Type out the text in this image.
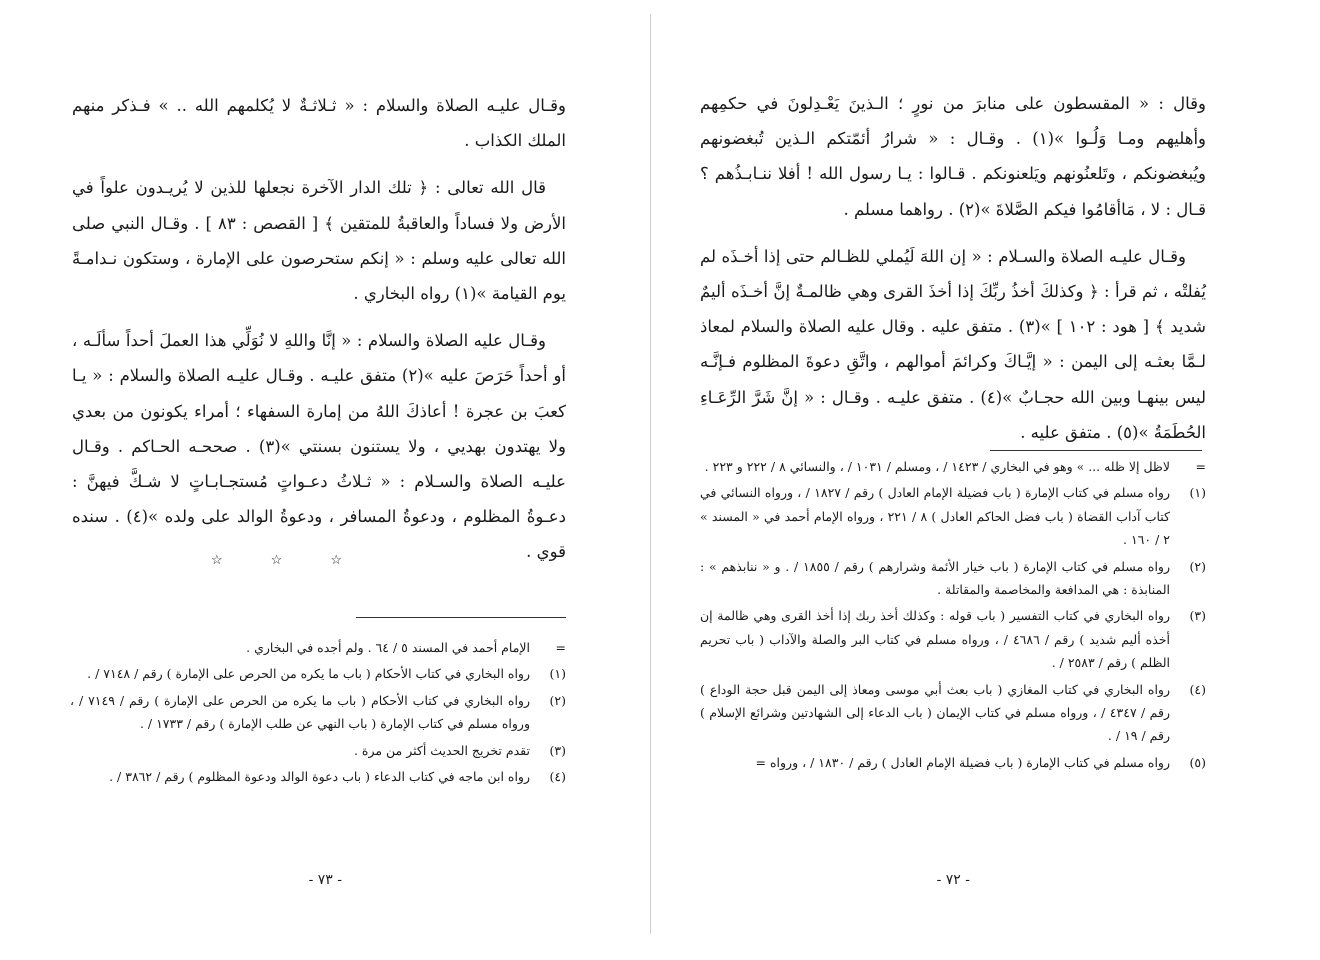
وقـال عليـه الصلاة والسلام : « ثـلاثـةٌ لا يُكلمهم الله .. » فـذكر منهم الملك الكذاب .

قال الله تعالى : ﴿ تلك الدار الآخرة نجعلها للذين لا يُريـدون علواً في الأرض ولا فساداً والعاقبةُ للمتقين ﴾ [ القصص : ٨٣ ] . وقـال النبي صلى الله تعالى عليه وسلم : « إنكم ستحرصون على الإمارة ، وستكون نـدامـةً يوم القيامة »(١) رواه البخاري .

وقـال عليه الصلاة والسلام : « إنَّا واللهِ لا نُوَلِّي هذا العملَ أحداً سألَـه ، أو أحداً حَرَصَ عليه »(٢) متفق عليـه . وقـال عليـه الصلاة والسلام : « يـا كعبَ بن عجرة ! أعاذكَ اللهُ من إمارة السفهاء ؛ أمراء يكونون من بعدي ولا يهتدون بهديي ، ولا يستنون بسنتي »(٣) . صححـه الحـاكم . وقـال عليـه الصلاة والسـلام : « ثـلاثُ دعـواتٍ مُستجـابـاتٍ لا شـكَّ فيهنَّ : دعـوةُ المظلوم ، ودعوةُ المسافر ، ودعوةُ الوالد على ولده »(٤) . سنده قوي .

☆☆☆
=
الإمام أحمد في المسند ٥ / ٦٤ . ولم أجده في البخاري .
(١)
رواه البخاري في كتاب الأحكام ( باب ما يكره من الحرص على الإمارة ) رقم / ٧١٤٨ / .
(٢)
رواه البخاري في كتاب الأحكام ( باب ما يكره من الحرص على الإمارة ) رقم / ٧١٤٩ / ، ورواه مسلم في كتاب الإمارة ( باب النهي عن طلب الإمارة ) رقم / ١٧٣٣ / .
(٣)
تقدم تخريج الحديث أكثر من مرة .
(٤)
رواه ابن ماجه في كتاب الدعاء ( باب دعوة الوالد ودعوة المظلوم ) رقم / ٣٨٦٢ / .
- ٧٣ -

وقال : « المقسطون على منابرَ من نورٍ ؛ الـذينَ يَعْـدِلونَ في حكمِهم وأهليهم ومـا وَلُـوا »(١) . وقـال : « شرارُ أئمّتكم الـذين تُبغضونهم ويُبغضونكم ، وتَلعنُونهم ويَلعنونكم . قـالوا : يـا رسول الله ! أفلا ننـابـذُهم ؟ قـال : لا ، مَاأقامُوا فيكم الصَّلاةَ »(٢) . رواهما مسلم .

وقـال عليـه الصلاة والسـلام : « إن اللهَ لَيُملي للظـالم حتى إذا أخـذَه لم يُفلتْه ، ثم قرأ : ﴿ وكذلكَ أخذُ ربِّكَ إذا أخذَ القرى وهي ظالمـةٌ إنَّ أخـذَه أليمٌ شديد ﴾ [ هود : ١٠٢ ] »(٣) . متفق عليه . وقال عليه الصلاة والسلام لمعاذ لـمَّا بعثـه إلى اليمن : « إيَّـاكَ وكرائمَ أموالهم ، واتَّقِ دعوةَ المظلوم فـإنَّـه ليس بينهـا وبين الله حجـابٌ »(٤) . متفق عليـه . وقـال : « إنَّ شَرَّ الرِّعَـاءِ الحُطَمَةُ »(٥) . متفق عليه .

=
لاظل إلا ظله ... » وهو في البخاري / ١٤٢٣ / ، ومسلم / ١٠٣١ / ، والنسائي ٨ / ٢٢٢ و ٢٢٣ .
(١)
رواه مسلم في كتاب الإمارة ( باب فضيلة الإمام العادل ) رقم / ١٨٢٧ / ، ورواه النسائي في كتاب آداب القضاة ( باب فضل الحاكم العادل ) ٨ / ٢٢١ ، ورواه الإمام أحمد في « المسند » ٢ / ١٦٠ .
(٢)
رواه مسلم في كتاب الإمارة ( باب خيار الأئمة وشرارهم ) رقم / ١٨٥٥ / . و « ننابذهم » : المنابذة : هي المدافعة والمخاصمة والمقاتلة .
(٣)
رواه البخاري في كتاب التفسير ( باب قوله : وكذلك أخذ ربك إذا أخذ القرى وهي ظالمة إن أخذه أليم شديد ) رقم / ٤٦٨٦ / ، ورواه مسلم في كتاب البر والصلة والآداب ( باب تحريم الظلم ) رقم / ٢٥٨٣ / .
(٤)
رواه البخاري في كتاب المغازي ( باب بعث أبي موسى ومعاذ إلى اليمن قبل حجة الوداع ) رقم / ٤٣٤٧ / ، ورواه مسلم في كتاب الإيمان ( باب الدعاء إلى الشهادتين وشرائع الإسلام ) رقم / ١٩ / .
(٥)
رواه مسلم في كتاب الإمارة ( باب فضيلة الإمام العادل ) رقم / ١٨٣٠ / ، ورواه =
- ٧٢ -
